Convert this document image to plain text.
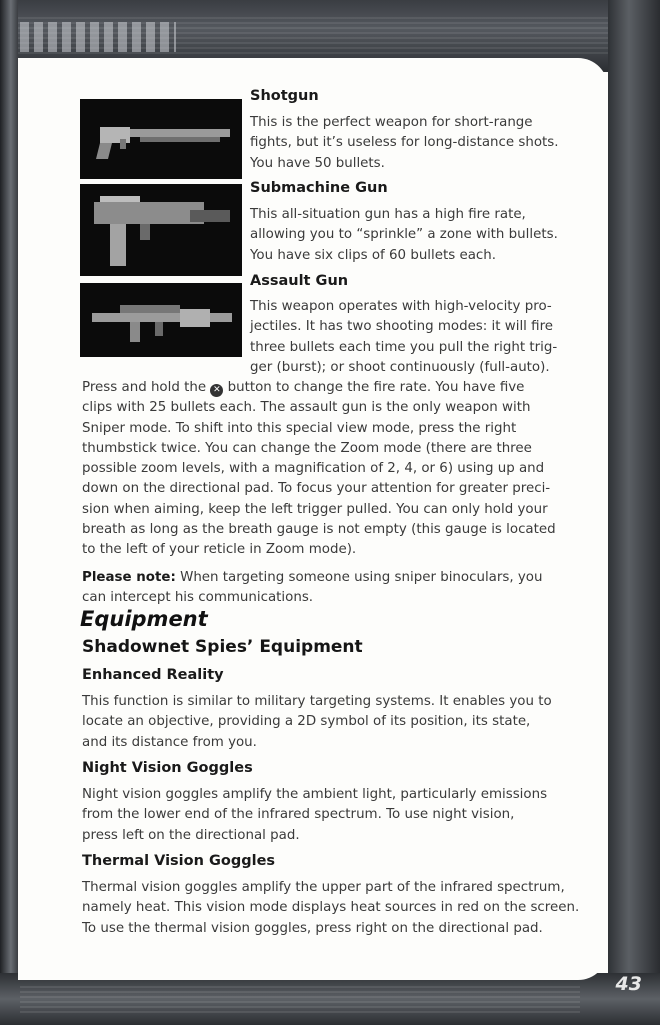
43
Shotgun

This is the perfect weapon for short-range
fights, but it’s useless for long-distance shots.
You have 50 bullets.

Submachine Gun

This all-situation gun has a high fire rate,
allowing you to “sprinkle” a zone with bullets.
You have six clips of 60 bullets each.

Assault Gun

This weapon operates with high-velocity pro-
jectiles. It has two shooting modes: it will fire
three bullets each time you pull the right trig-
ger (burst); or shoot continuously (full-auto).

Press and hold the ✕ button to change the fire rate. You have five
clips with 25 bullets each. The assault gun is the only weapon with
Sniper mode. To shift into this special view mode, press the right
thumbstick twice. You can change the Zoom mode (there are three
possible zoom levels, with a magnification of 2, 4, or 6) using up and
down on the directional pad. To focus your attention for greater preci-
sion when aiming, keep the left trigger pulled. You can only hold your
breath as long as the breath gauge is not empty (this gauge is located
to the left of your reticle in Zoom mode).

Please note: When targeting someone using sniper binoculars, you
can intercept his communications.

Equipment
Shadownet Spies’ Equipment
Enhanced Reality

This function is similar to military targeting systems. It enables you to
locate an objective, providing a 2D symbol of its position, its state,
and its distance from you.

Night Vision Goggles

Night vision goggles amplify the ambient light, particularly emissions
from the lower end of the infrared spectrum. To use night vision,
press left on the directional pad.

Thermal Vision Goggles

Thermal vision goggles amplify the upper part of the infrared spectrum,
namely heat. This vision mode displays heat sources in red on the screen.
To use the thermal vision goggles, press right on the directional pad.
